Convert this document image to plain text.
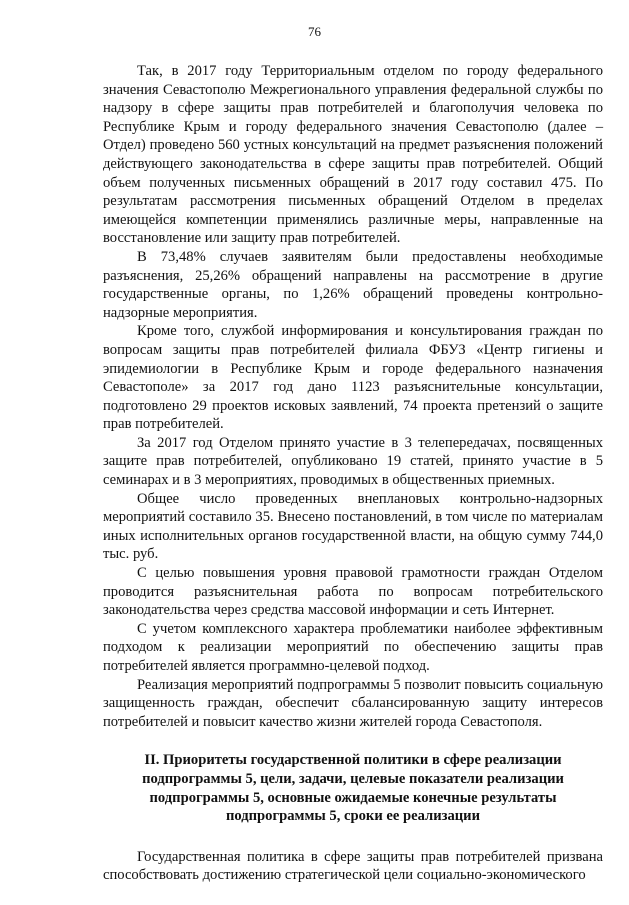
76

Так, в 2017 году Территориальным отделом по городу федерального значения Севастополю Межрегионального управления федеральной службы по надзору в сфере защиты прав потребителей и благополучия человека по Республике Крым и городу федерального значения Севастополю (далее – Отдел) проведено 560 устных консультаций на предмет разъяснения положений действующего законодательства в сфере защиты прав потребителей. Общий объем полученных письменных обращений в 2017 году составил 475. По результатам рассмотрения письменных обращений Отделом в пределах имеющейся компетенции применялись различные меры, направленные на восстановление или защиту прав потребителей.

В 73,48% случаев заявителям были предоставлены необходимые разъяснения, 25,26% обращений направлены на рассмотрение в другие государственные органы, по 1,26% обращений проведены контрольно-надзорные мероприятия.

Кроме того, службой информирования и консультирования граждан по вопросам защиты прав потребителей филиала ФБУЗ «Центр гигиены и эпидемиологии в Республике Крым и городе федерального назначения Севастополе» за 2017 год дано 1123 разъяснительные консультации, подготовлено 29 проектов исковых заявлений, 74 проекта претензий о защите прав потребителей.

За 2017 год Отделом принято участие в 3 телепередачах, посвященных защите прав потребителей, опубликовано 19 статей, принято участие в 5 семинарах и в 3 мероприятиях, проводимых в общественных приемных.

Общее число проведенных внеплановых контрольно-надзорных мероприятий составило 35. Внесено постановлений, в том числе по материалам иных исполнительных органов государственной власти, на общую сумму 744,0 тыс. руб.

С целью повышения уровня правовой грамотности граждан Отделом проводится разъяснительная работа по вопросам потребительского законодательства через средства массовой информации и сеть Интернет.

С учетом комплексного характера проблематики наиболее эффективным подходом к реализации мероприятий по обеспечению защиты прав потребителей является программно-целевой подход.

Реализация мероприятий подпрограммы 5 позволит повысить социальную защищенность граждан, обеспечит сбалансированную защиту интересов потребителей и повысит качество жизни жителей города Севастополя.

II. Приоритеты государственной политики в сфере реализации подпрограммы 5, цели, задачи, целевые показатели реализации подпрограммы 5, основные ожидаемые конечные результаты подпрограммы 5, сроки ее реализации

Государственная политика в сфере защиты прав потребителей призвана способствовать достижению стратегической цели социально-экономического
